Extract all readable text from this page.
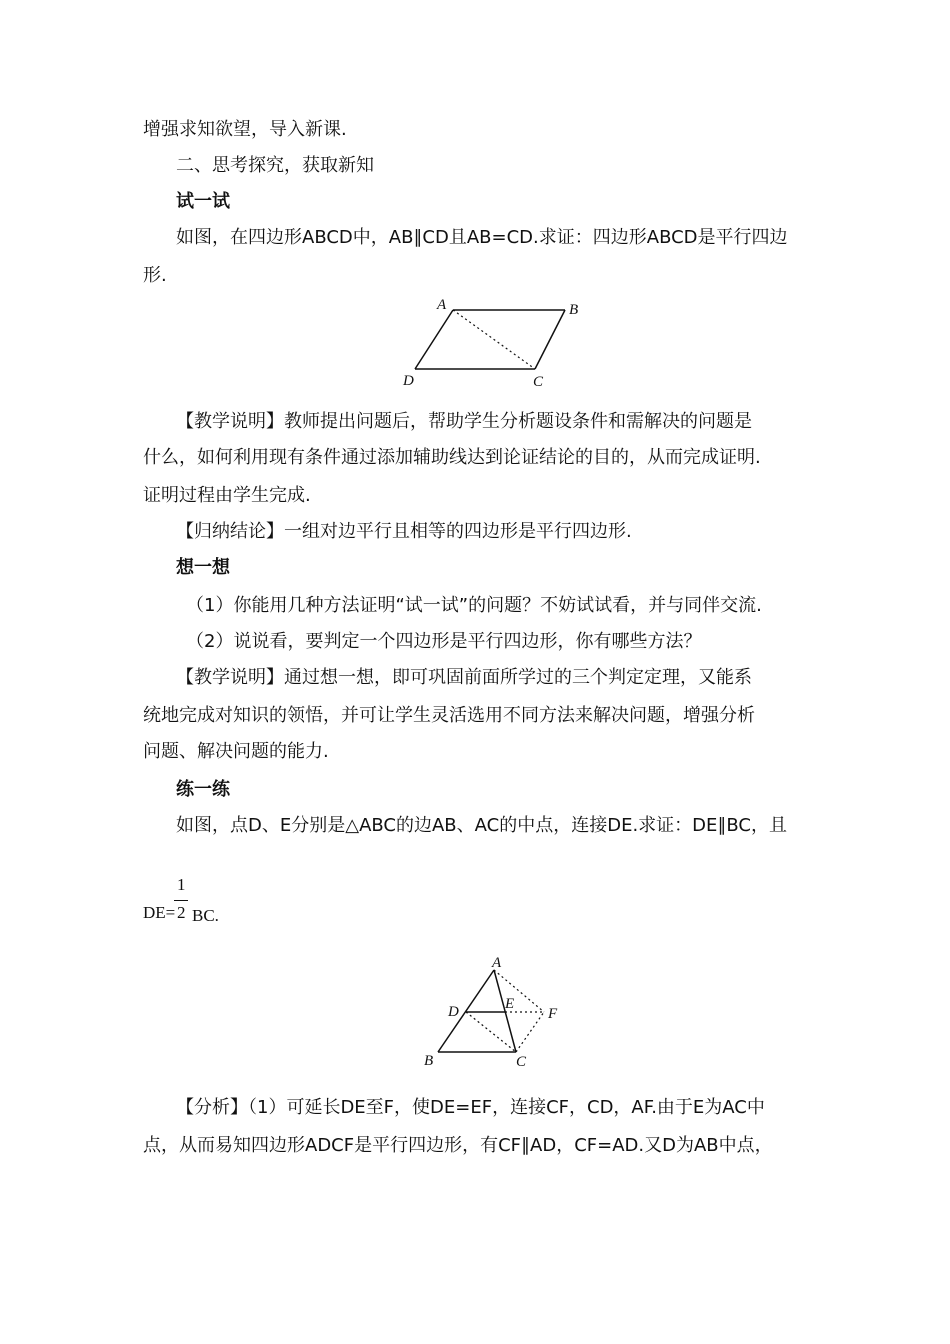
增强求知欲望，导入新课.
二、思考探究，获取新知
试一试
如图，在四边形ABCD中，AB∥CD且AB=CD.求证：四边形ABCD是平行四边
形.
A	B
C
D
【教学说明】教师提出问题后，帮助学生分析题设条件和需解决的问题是
什么，如何利用现有条件通过添加辅助线达到论证结论的目的，从而完成证明.
证明过程由学生完成.
【归纳结论】一组对边平行且相等的四边形是平行四边形.
想一想
（1）你能用几种方法证明“试一试”的问题？不妨试试看，并与同伴交流.
（2）说说看，要判定一个四边形是平行四边形，你有哪些方法？
【教学说明】通过想一想，即可巩固前面所学过的三个判定定理，又能系
统地完成对知识的领悟，并可让学生灵活选用不同方法来解决问题，增强分析
问题、解决问题的能力.
练一练
如图，点D、E分别是△ABC的边AB、AC的中点，连接DE.求证：DE∥BC，且
DE=
1
2 BC.
A
B	C
D	E
F
【分析】（1）可延长DE至F，使DE=EF，连接CF，CD，AF.由于E为AC中
点，从而易知四边形ADCF是平行四边形，有CF∥AD，CF=AD.又D为AB中点，
